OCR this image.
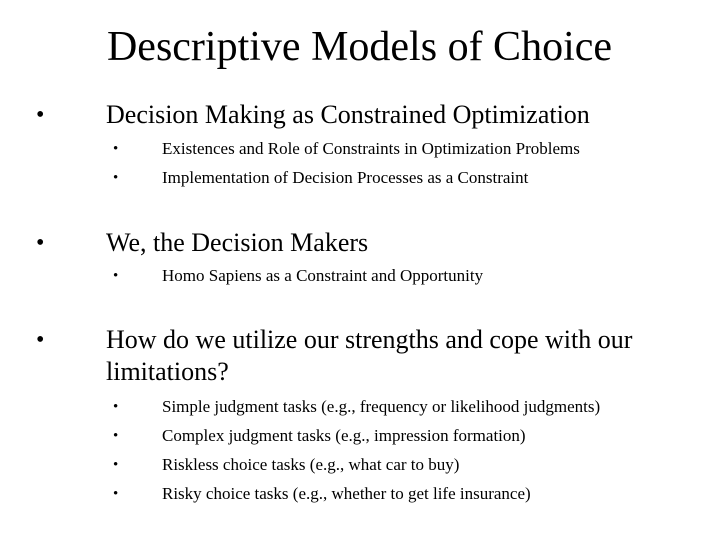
Descriptive Models of Choice
• Decision Making as Constrained Optimization
•	Existences and Role of Constraints in Optimization Problems
•	Implementation of Decision Processes as a Constraint
• We, the Decision Makers
•	Homo Sapiens as a Constraint and Opportunity
• How do we utilize our strengths and cope with our limitations?
•	Simple judgment tasks (e.g., frequency or likelihood judgments)
•	Complex judgment tasks (e.g., impression formation)
•	Riskless choice tasks (e.g., what car to buy)
•	Risky choice tasks (e.g., whether to get life insurance)
